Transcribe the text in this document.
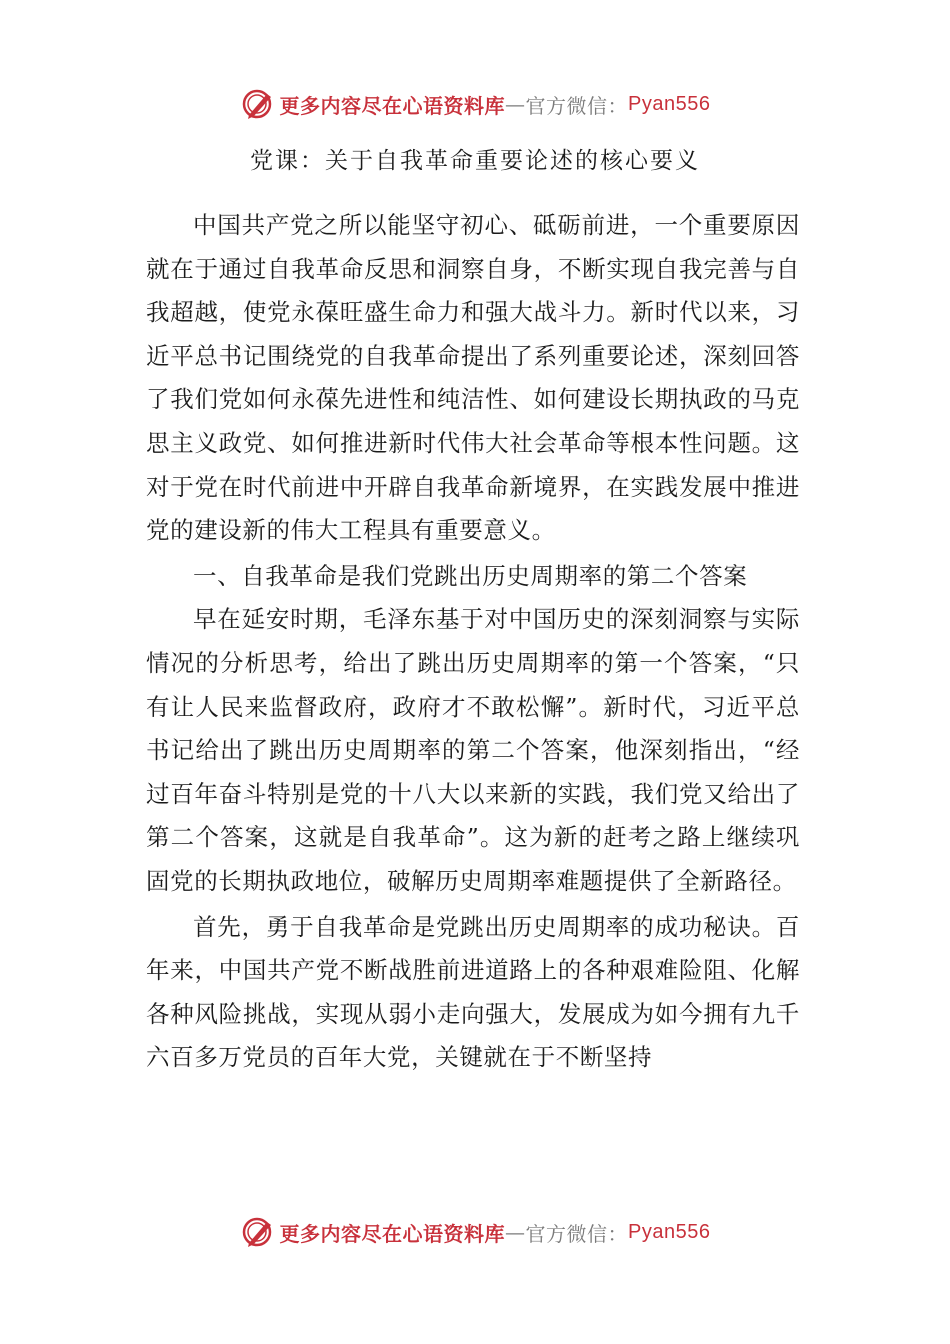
更多内容尽在心语资料库 — 官方微信： Pyan556
党课：关于自我革命重要论述的核心要义

中国共产党之所以能坚守初心、砥砺前进，一个重要原因就在于通过自我革命反思和洞察自身，不断实现自我完善与自我超越，使党永葆旺盛生命力和强大战斗力。新时代以来，习近平总书记围绕党的自我革命提出了系列重要论述，深刻回答了我们党如何永葆先进性和纯洁性、如何建设长期执政的马克思主义政党、如何推进新时代伟大社会革命等根本性问题。这对于党在时代前进中开辟自我革命新境界，在实践发展中推进党的建设新的伟大工程具有重要意义。

一、自我革命是我们党跳出历史周期率的第二个答案

早在延安时期，毛泽东基于对中国历史的深刻洞察与实际情况的分析思考，给出了跳出历史周期率的第一个答案，“只有让人民来监督政府，政府才不敢松懈”。新时代，习近平总书记给出了跳出历史周期率的第二个答案，他深刻指出，“经过百年奋斗特别是党的十八大以来新的实践，我们党又给出了第二个答案，这就是自我革命”。这为新的赶考之路上继续巩固党的长期执政地位，破解历史周期率难题提供了全新路径。

首先，勇于自我革命是党跳出历史周期率的成功秘诀。百年来，中国共产党不断战胜前进道路上的各种艰难险阻、化解各种风险挑战，实现从弱小走向强大，发展成为如今拥有九千六百多万党员的百年大党，关键就在于不断坚持

更多内容尽在心语资料库 — 官方微信： Pyan556
